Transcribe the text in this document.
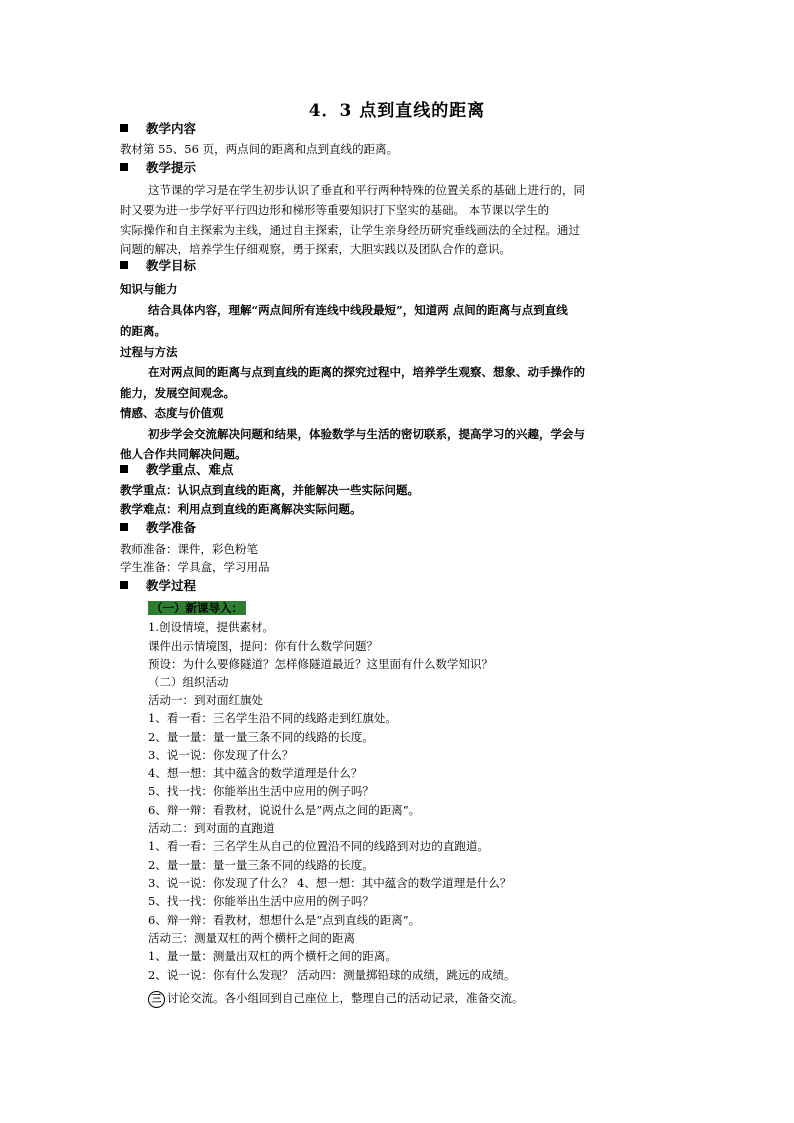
4．3 点到直线的距离
教学内容
教材第 55、56 页，两点间的距离和点到直线的距离。
教学提示
这节课的学习是在学生初步认识了垂直和平行两种特殊的位置关系的基础上进行的，同
时又要为进一步学好平行四边形和梯形等重要知识打下坚实的基础。 本节课以学生的
实际操作和自主探索为主线，通过自主探索，让学生亲身经历研究垂线画法的全过程。通过
问题的解决，培养学生仔细观察，勇于探索，大胆实践以及团队合作的意识。
教学目标
知识与能力
结合具体内容，理解“两点间所有连线中线段最短”，知道两 点间的距离与点到直线
的距离。
过程与方法
在对两点间的距离与点到直线的距离的探究过程中，培养学生观察、想象、动手操作的
能力，发展空间观念。
情感、态度与价值观
初步学会交流解决问题和结果，体验数学与生活的密切联系，提高学习的兴趣，学会与
他人合作共同解决问题。
教学重点、难点
教学重点：认识点到直线的距离，并能解决一些实际问题。
教学难点：利用点到直线的距离解决实际问题。
教学准备
教师准备：课件，彩色粉笔
学生准备：学具盒，学习用品
教学过程
（一）新课导入：
1.创设情境，提供素材。
课件出示情境图，提问：你有什么数学问题？
预设：为什么要修隧道？怎样修隧道最近？这里面有什么数学知识？
（二）组织活动
活动一：到对面红旗处
1、看一看：三名学生沿不同的线路走到红旗处。
2、量一量：量一量三条不同的线路的长度。
3、说一说：你发现了什么？
4、想一想：其中蕴含的数学道理是什么？
5、找一找：你能举出生活中应用的例子吗？
6、辩一辩：看教材，说说什么是”两点之间的距离“。
活动二：到对面的直跑道
1、看一看：三名学生从自己的位置沿不同的线路到对边的直跑道。
2、量一量：量一量三条不同的线路的长度。
3、说一说：你发现了什么？ 4、想一想：其中蕴含的数学道理是什么？
5、找一找：你能举出生活中应用的例子吗？
6、辩一辩：看教材，想想什么是“点到直线的距离”。
活动三：测量双杠的两个横杆之间的距离
1、量一量：测量出双杠的两个横杆之间的距离。
2、说一说：你有什么发现？ 活动四：测量掷铅球的成绩，跳远的成绩。
三 讨论交流。各小组回到自己座位上，整理自己的活动记录，准备交流。
